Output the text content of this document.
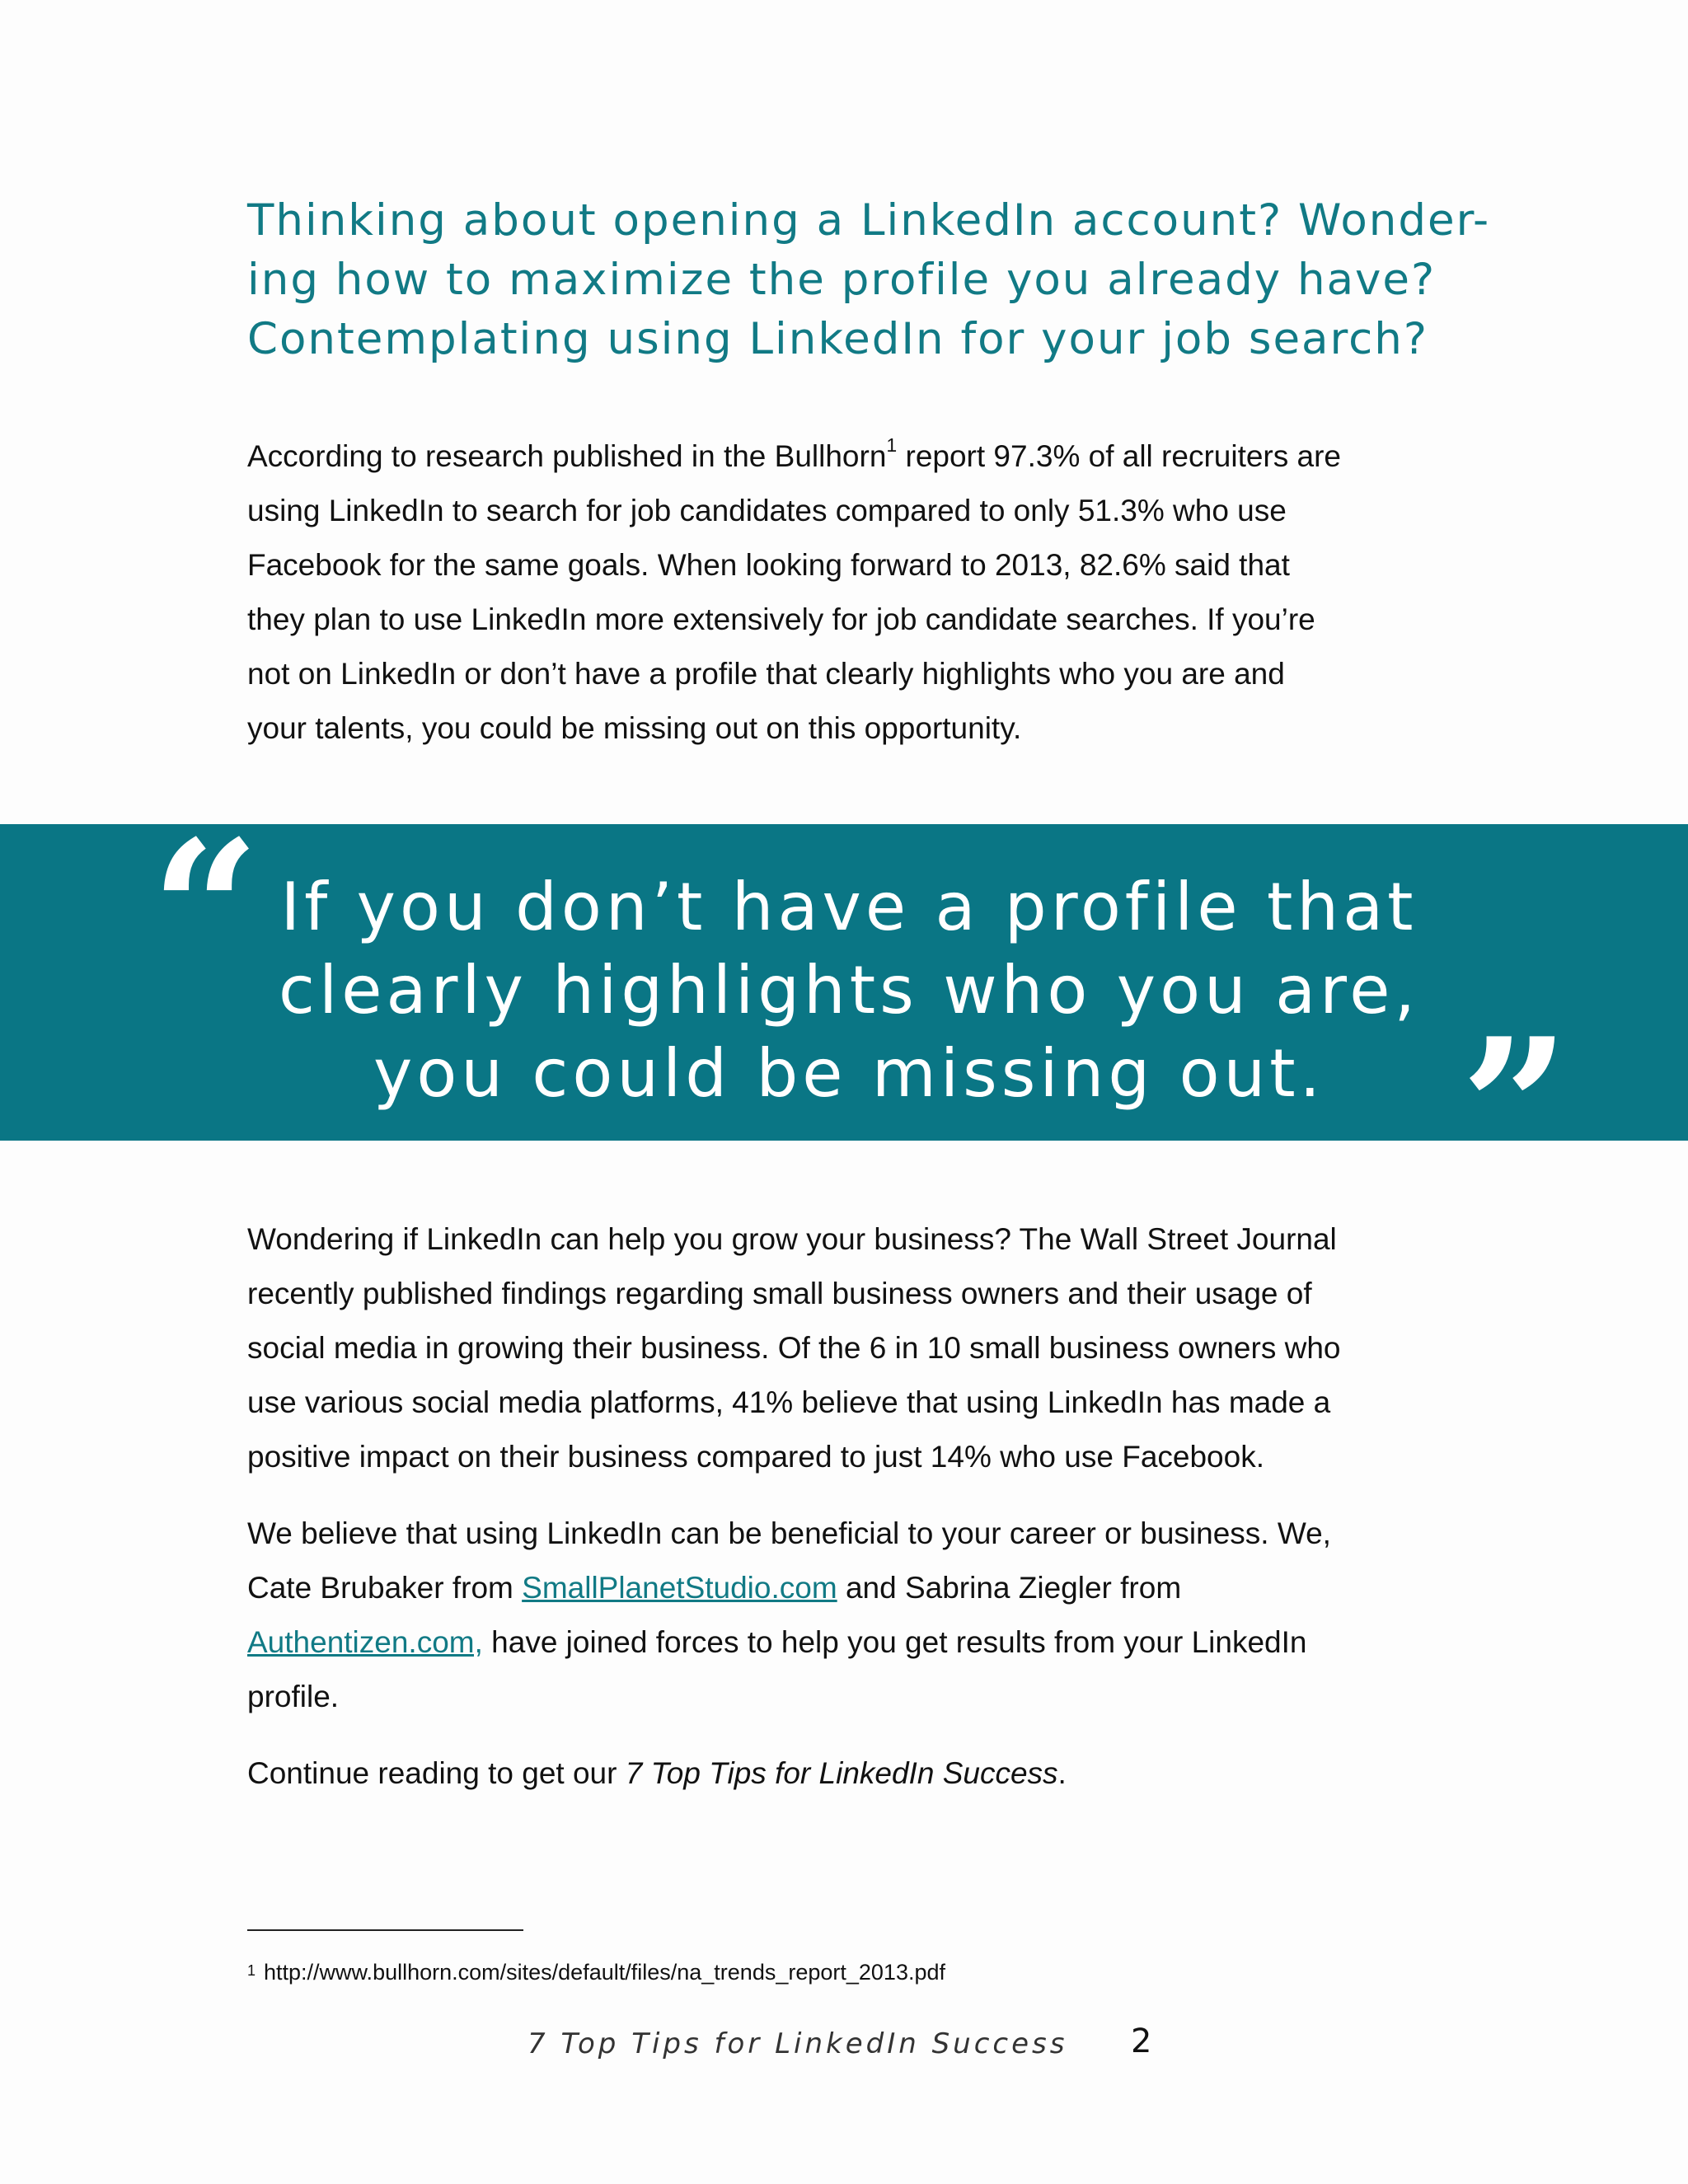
Thinking about opening a LinkedIn account? Wonder-
ing how to maximize the profile you already have?
Contemplating using LinkedIn for your job search?

According to research published in the Bullhorn$^1$ report 97.3% of all recruiters are
using LinkedIn to search for job candidates compared to only 51.3% who use
Facebook for the same goals. When looking forward to 2013, 82.6% said that
they plan to use LinkedIn more extensively for job candidate searches. If you’re
not on LinkedIn or don’t have a profile that clearly highlights who you are and
your talents, you could be missing out on this opportunity.

“ If you don’t have a profile that
clearly highlights who you are,
you could be missing out. ”

Wondering if LinkedIn can help you grow your business? The Wall Street Journal
recently published findings regarding small business owners and their usage of
social media in growing their business. Of the 6 in 10 small business owners who
use various social media platforms, 41% believe that using LinkedIn has made a
positive impact on their business compared to just 14% who use Facebook.

We believe that using LinkedIn can be beneficial to your career or business. We,
Cate Brubaker from SmallPlanetStudio.com and Sabrina Ziegler from
Authentizen.com, have joined forces to help you get results from your LinkedIn
profile.

Continue reading to get our 7 Top Tips for LinkedIn Success.

$^1$ http://www.bullhorn.com/sites/default/files/na_trends_report_2013.pdf
7 Top Tips for LinkedIn Success 2
